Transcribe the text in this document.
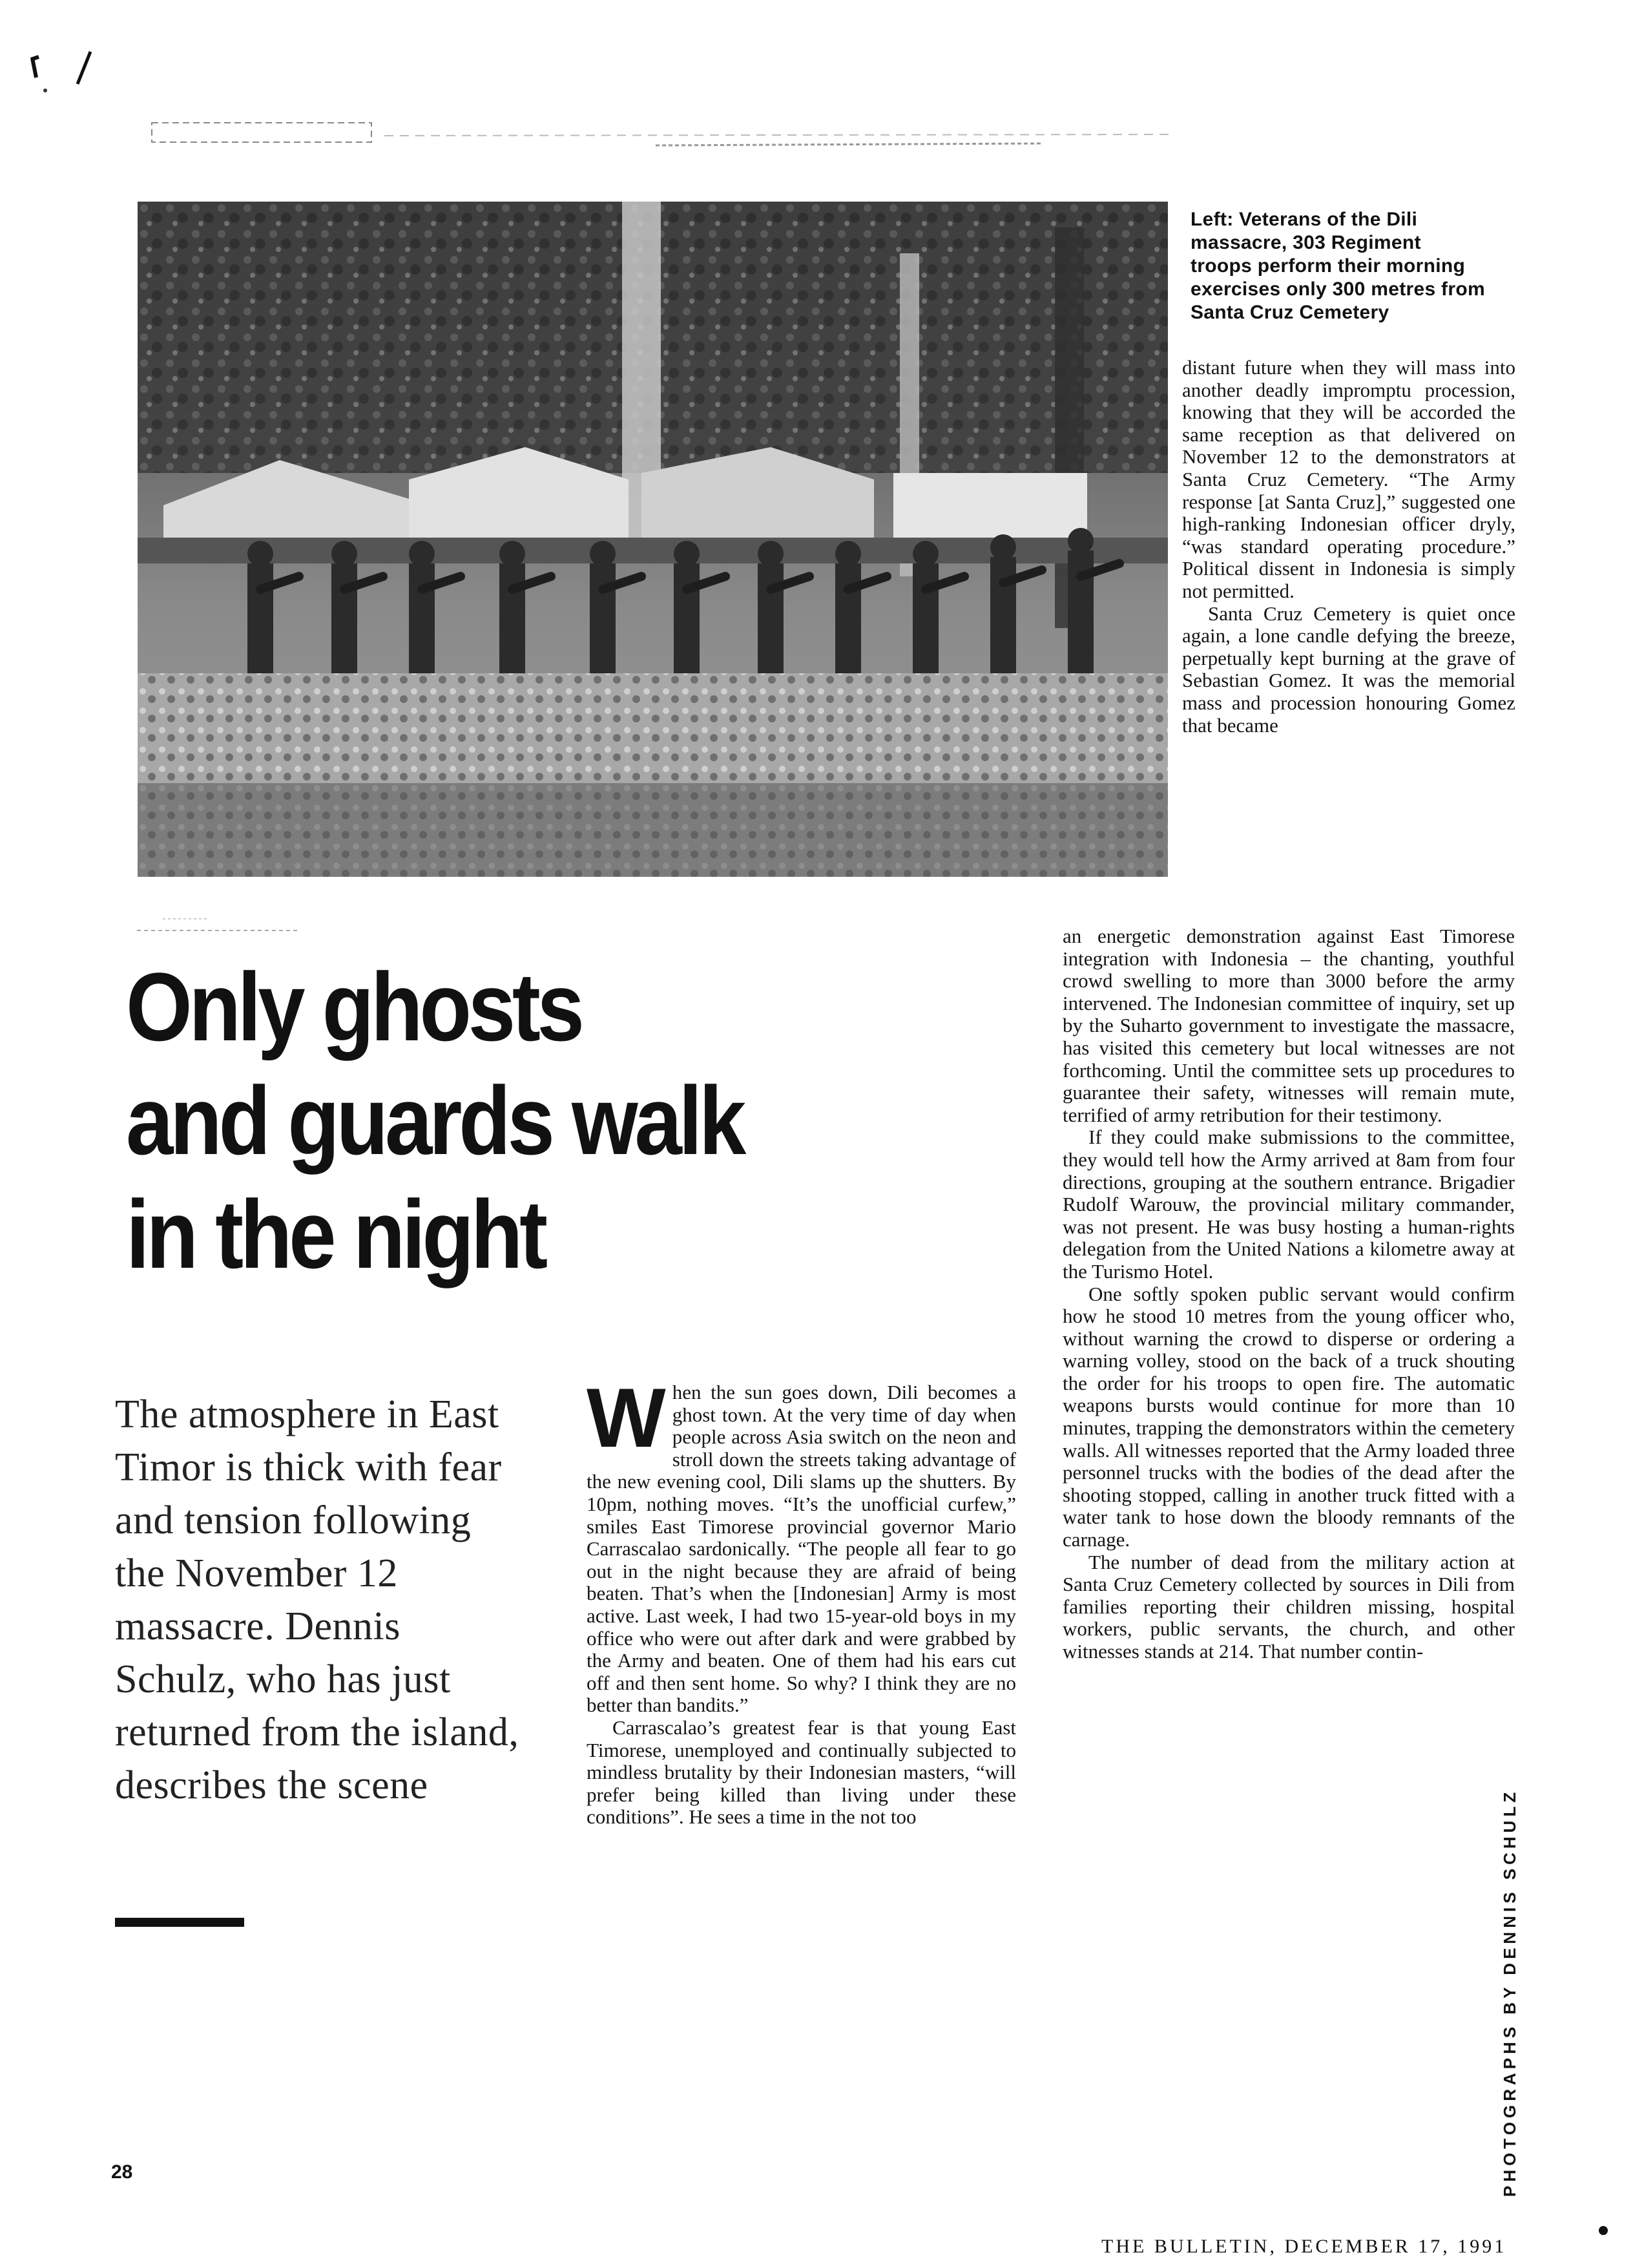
Left: Veterans of the Dili massacre, 303 Regiment troops perform their morning exercises only 300 metres from Santa Cruz Cemetery
Only ghosts
and guards walk
in the night
The atmosphere in East Timor is thick with fear and tension following the November 12 massacre. Dennis Schulz, who has just returned from the island, describes the scene
W hen the sun goes down, Dili becomes a ghost town. At the very time of day when people across Asia switch on the neon and stroll down the streets taking advantage of the new evening cool, Dili slams up the shutters. By 10pm, nothing moves. “It’s the unofficial curfew,” smiles East Timorese provincial governor Mario Carrascalao sardonically. “The people all fear to go out in the night because they are afraid of being beaten. That’s when the [Indonesian] Army is most active. Last week, I had two 15-year-old boys in my office who were out after dark and were grabbed by the Army and beaten. One of them had his ears cut off and then sent home. So why? I think they are no better than bandits.”

Carrascalao’s greatest fear is that young East Timorese, unemployed and continually subjected to mindless brutality by their Indonesian masters, “will prefer being killed than living under these conditions”. He sees a time in the not too

distant future when they will mass into another deadly impromptu procession, knowing that they will be accorded the same reception as that delivered on November 12 to the demonstrators at Santa Cruz Cemetery. “The Army response [at Santa Cruz],” suggested one high-ranking Indonesian officer dryly, “was standard operating procedure.” Political dissent in Indonesia is simply not permitted.

Santa Cruz Cemetery is quiet once again, a lone candle defying the breeze, perpetually kept burning at the grave of Sebastian Gomez. It was the memorial mass and procession honouring Gomez that became

an energetic demonstration against East Timorese integration with Indonesia – the chanting, youthful crowd swelling to more than 3000 before the army intervened. The Indonesian committee of inquiry, set up by the Suharto government to investigate the massacre, has visited this cemetery but local witnesses are not forthcoming. Until the committee sets up procedures to guarantee their safety, witnesses will remain mute, terrified of army retribution for their testimony.

If they could make submissions to the committee, they would tell how the Army arrived at 8am from four directions, grouping at the southern entrance. Brigadier Rudolf Warouw, the provincial military commander, was not present. He was busy hosting a human-rights delegation from the United Nations a kilometre away at the Turismo Hotel.

One softly spoken public servant would confirm how he stood 10 metres from the young officer who, without warning the crowd to disperse or ordering a warning volley, stood on the back of a truck shouting the order for his troops to open fire. The automatic weapons bursts would continue for more than 10 minutes, trapping the demonstrators within the cemetery walls. All witnesses reported that the Army loaded three personnel trucks with the bodies of the dead after the shooting stopped, calling in another truck fitted with a water tank to hose down the bloody remnants of the carnage.

The number of dead from the military action at Santa Cruz Cemetery collected by sources in Dili from families reporting their children missing, hospital workers, public servants, the church, and other witnesses stands at 214. That number contin-

PHOTOGRAPHS BY DENNIS SCHULZ
28
THE BULLETIN, DECEMBER 17, 1991
